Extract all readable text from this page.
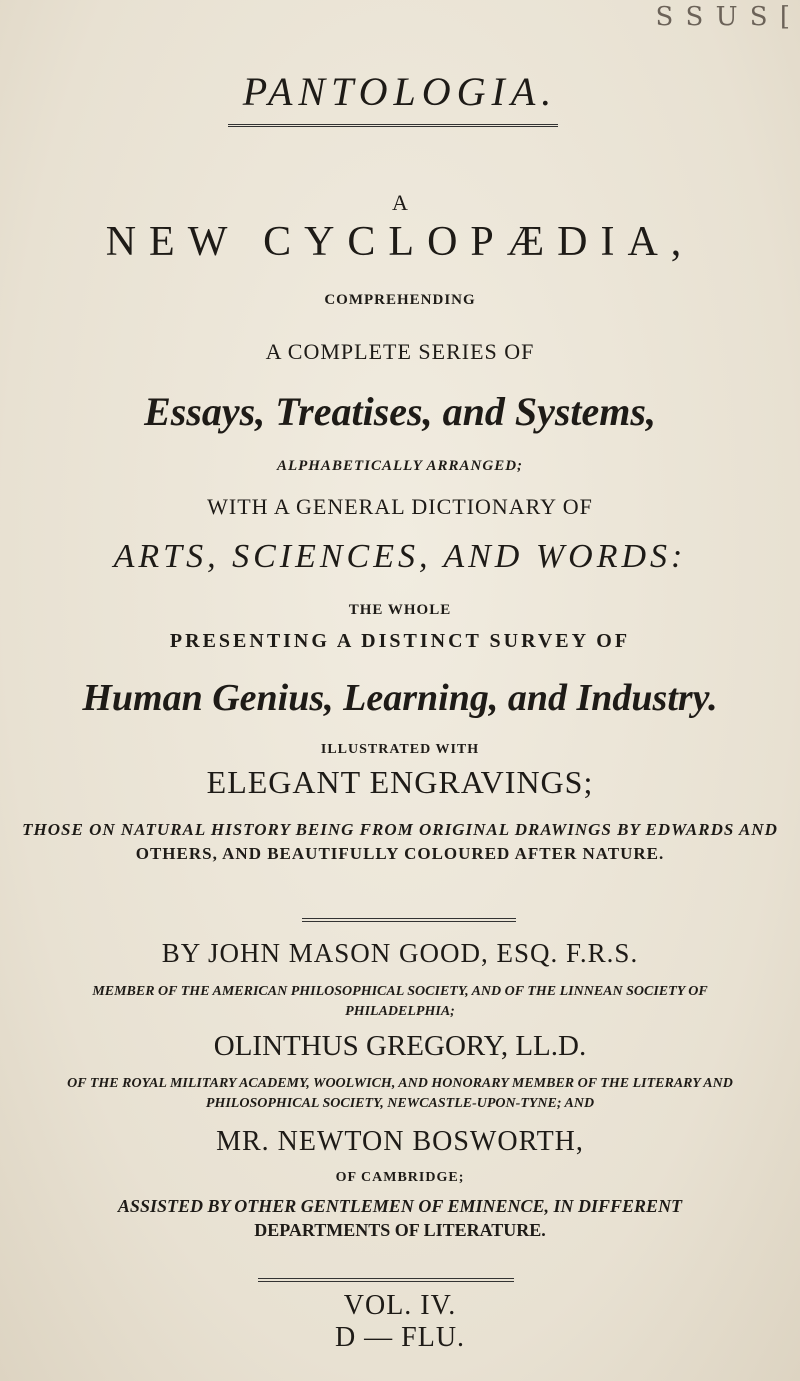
S S U S [
PANTOLOGIA.
A
NEW CYCLOPÆDIA,
COMPREHENDING
A COMPLETE SERIES OF
Essays, Treatises, and Systems,
ALPHABETICALLY ARRANGED;
WITH A GENERAL DICTIONARY OF
ARTS, SCIENCES, AND WORDS:
THE WHOLE
PRESENTING A DISTINCT SURVEY OF
Human Genius, Learning, and Industry.
ILLUSTRATED WITH
ELEGANT ENGRAVINGS;
THOSE ON NATURAL HISTORY BEING FROM ORIGINAL DRAWINGS BY EDWARDS AND
OTHERS, AND BEAUTIFULLY COLOURED AFTER NATURE.
BY JOHN MASON GOOD, ESQ. F.R.S.
MEMBER OF THE AMERICAN PHILOSOPHICAL SOCIETY, AND OF THE LINNEAN SOCIETY OF
PHILADELPHIA;
OLINTHUS GREGORY, LL.D.
OF THE ROYAL MILITARY ACADEMY, WOOLWICH, AND HONORARY MEMBER OF THE LITERARY AND
PHILOSOPHICAL SOCIETY, NEWCASTLE-UPON-TYNE; AND
MR. NEWTON BOSWORTH,
OF CAMBRIDGE;
ASSISTED BY OTHER GENTLEMEN OF EMINENCE, IN DIFFERENT
DEPARTMENTS OF LITERATURE.
VOL. IV.
D — FLU.
